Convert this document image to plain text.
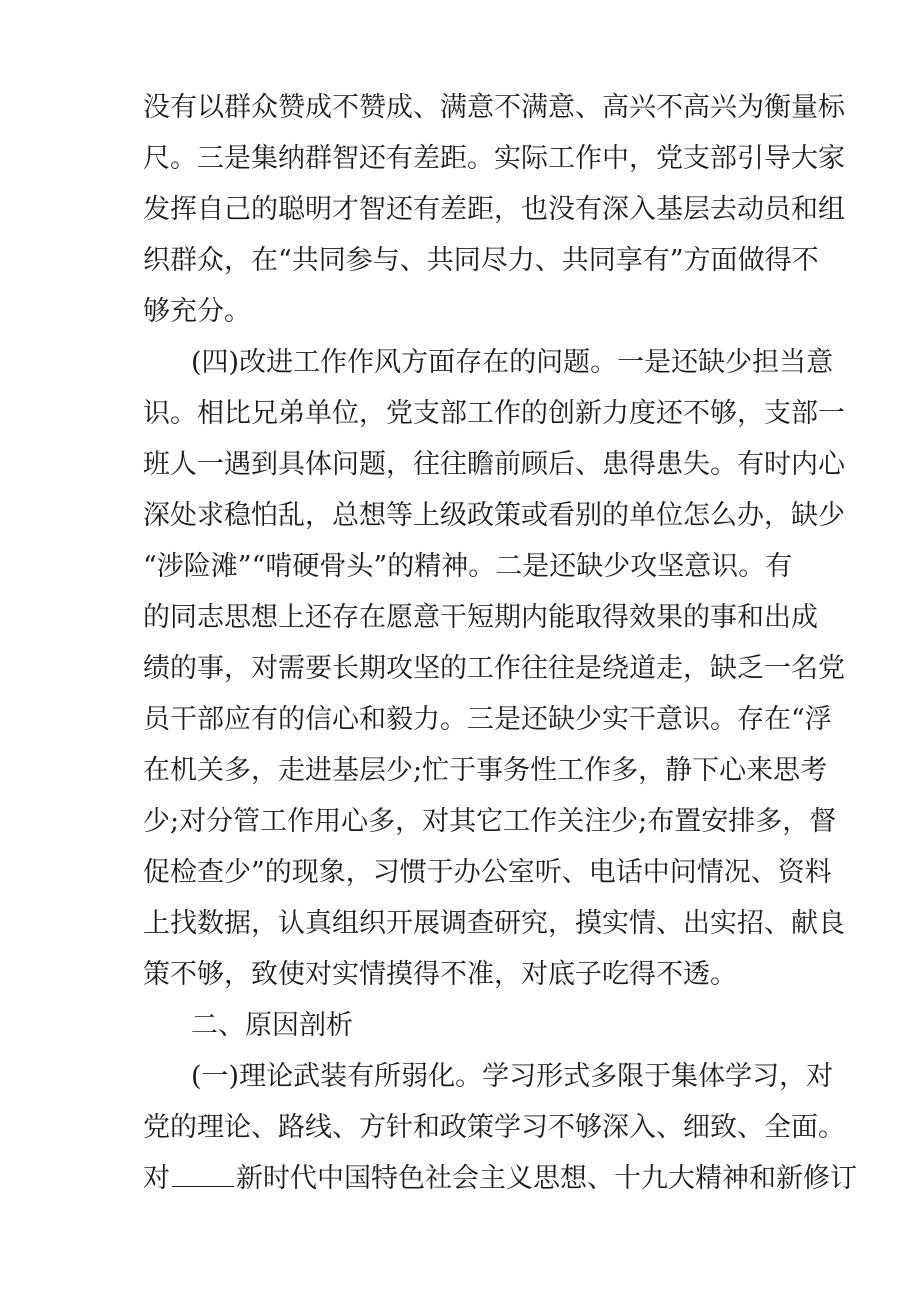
没有以群众赞成不赞成、满意不满意、高兴不高兴为衡量标
尺。三是集纳群智还有差距。实际工作中，党支部引导大家
发挥自己的聪明才智还有差距，也没有深入基层去动员和组
织群众，在“共同参与、共同尽力、共同享有”方面做得不
够充分。
(四)改进工作作风方面存在的问题。一是还缺少担当意
识。相比兄弟单位，党支部工作的创新力度还不够，支部一
班人一遇到具体问题，往往瞻前顾后、患得患失。有时内心
深处求稳怕乱，总想等上级政策或看别的单位怎么办，缺少
“涉险滩”“啃硬骨头”的精神。二是还缺少攻坚意识。有
的同志思想上还存在愿意干短期内能取得效果的事和出成
绩的事，对需要长期攻坚的工作往往是绕道走，缺乏一名党
员干部应有的信心和毅力。三是还缺少实干意识。存在“浮
在机关多，走进基层少;忙于事务性工作多，静下心来思考
少;对分管工作用心多，对其它工作关注少;布置安排多，督
促检查少”的现象，习惯于办公室听、电话中问情况、资料
上找数据，认真组织开展调查研究，摸实情、出实招、献良
策不够，致使对实情摸得不准，对底子吃得不透。
二、原因剖析
(一)理论武装有所弱化。学习形式多限于集体学习，对
党的理论、路线、方针和政策学习不够深入、细致、全面。
对 新时代中国特色社会主义思想、十九大精神和新修订
